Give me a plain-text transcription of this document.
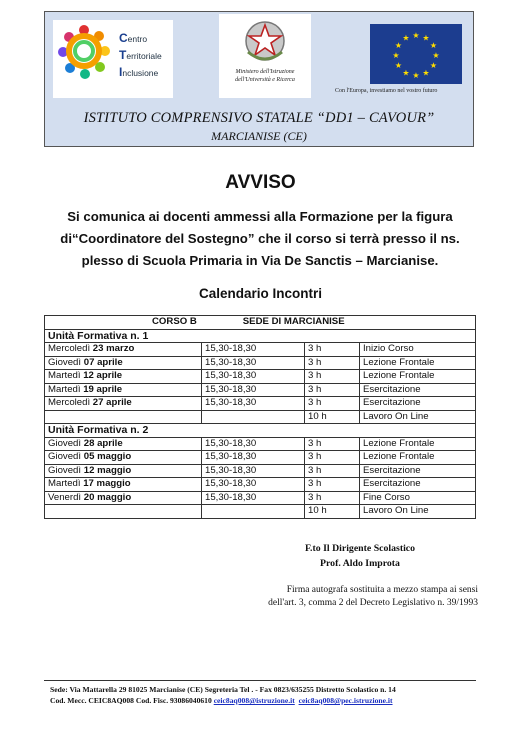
Centro
Territoriale
Inclusione	Ministero dell'Istruzione
dell'Università e Ricerca
★ ★
★
★
★
★
★
★
★
★
★
★
Con l'Europa, investiamo nel vostro futuro
ISTITUTO COMPRENSIVO STATALE “DD1 – CAVOUR”
MARCIANISE (CE)
AVVISO
Si comunica ai docenti ammessi alla Formazione per la figura di“Coordinatore del Sostegno” che il corso si terrà presso il ns. plesso di Scuola Primaria in Via De Sanctis – Marcianise.
Calendario Incontri
CORSO B SEDE DI MARCIANISE			
Unità Formativa n. 1			
Mercoledì 23 marzo	15,30-18,30	3 h	Inizio Corso
Giovedì 07 aprile	15,30-18,30	3 h	Lezione Frontale
Martedì 12 aprile	15,30-18,30	3 h	Lezione Frontale
Martedì 19 aprile	15,30-18,30	3 h	Esercitazione
Mercoledì 27 aprile	15,30-18,30	3 h	Esercitazione
		10 h	Lavoro On Line
Unità Formativa n. 2			
Giovedì 28 aprile	15,30-18,30	3 h	Lezione Frontale
Giovedì 05 maggio	15,30-18,30	3 h	Lezione Frontale
Giovedì 12 maggio	15,30-18,30	3 h	Esercitazione
Martedì 17 maggio	15,30-18,30	3 h	Esercitazione
Venerdì 20 maggio	15,30-18,30	3 h	Fine Corso
		10 h	Lavoro On Line
F.to Il Dirigente Scolastico
Prof. Aldo Improta
Firma autografa sostituita a mezzo stampa ai sensi
dell'art. 3, comma 2 del Decreto Legislativo n. 39/1993
Sede: Via Mattarella 29 81025 Marcianise (CE) Segreteria Tel . - Fax 0823/635255 Distretto Scolastico n. 14
Cod. Mecc. CEIC8AQ008 Cod. Fisc. 93086040610 ceic8aq008@istruzione.it ceic8aq008@pec.istruzione.it
